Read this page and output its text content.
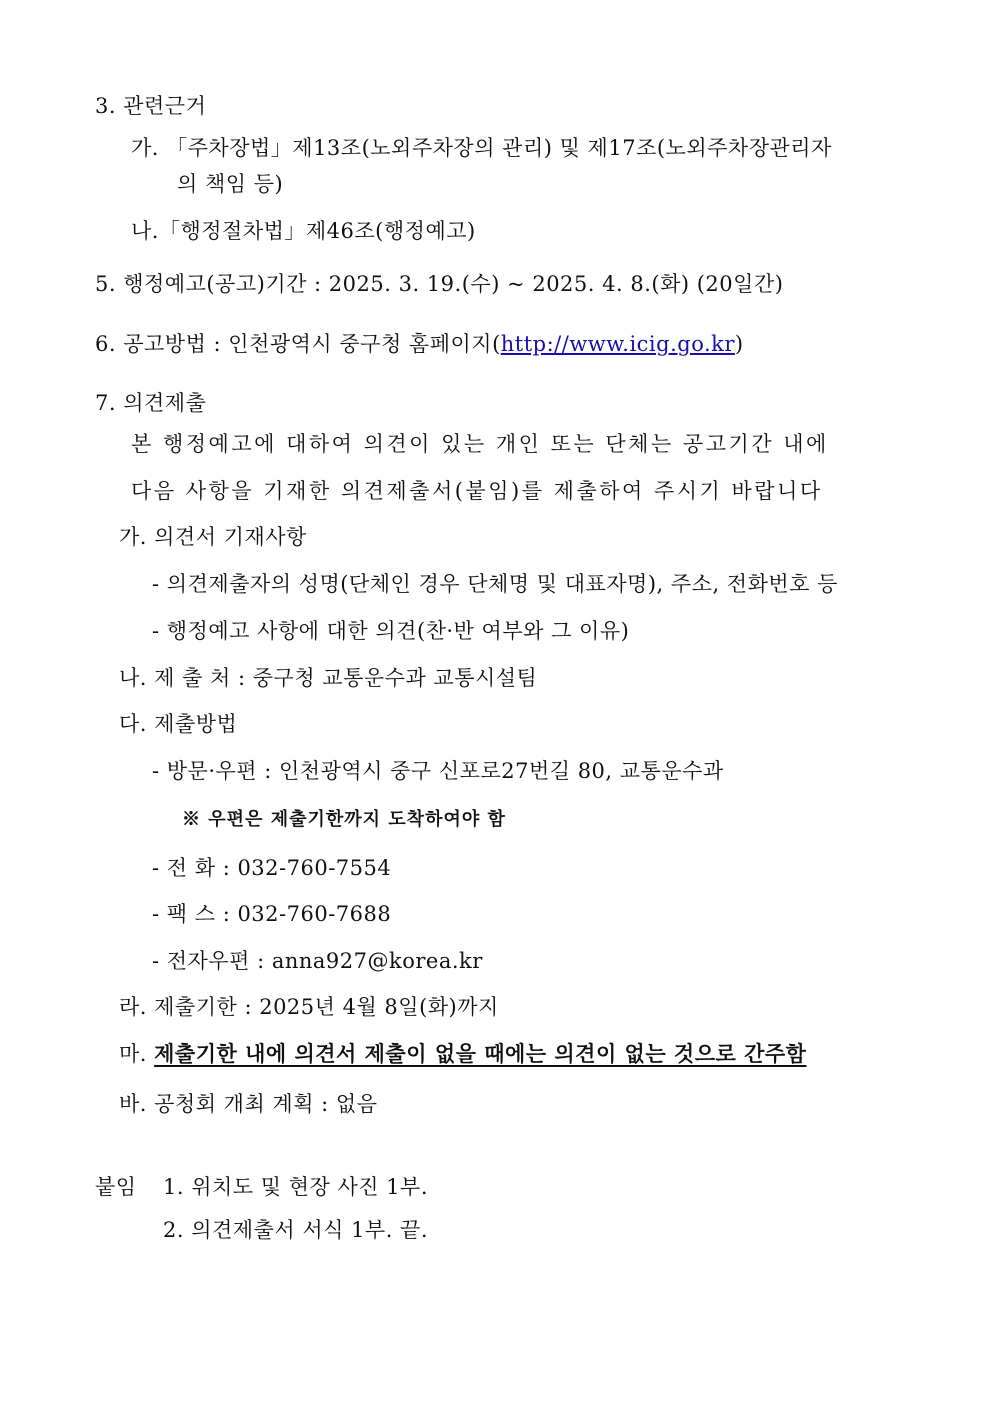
3. 관련근거
가. 「주차장법」제13조(노외주차장의 관리) 및 제17조(노외주차장관리자
의 책임 등)
나.「행정절차법」제46조(행정예고)
5. 행정예고(공고)기간 : 2025. 3. 19.(수) ~ 2025. 4. 8.(화) (20일간)
6. 공고방법 : 인천광역시 중구청 홈페이지(http://www.icig.go.kr)
7. 의견제출
본 행정예고에 대하여 의견이 있는 개인 또는 단체는 공고기간 내에
다음 사항을 기재한 의견제출서(붙임)를 제출하여 주시기 바랍니다
가. 의견서 기재사항
- 의견제출자의 성명(단체인 경우 단체명 및 대표자명), 주소, 전화번호 등
- 행정예고 사항에 대한 의견(찬·반 여부와 그 이유)
나. 제 출 처 : 중구청 교통운수과 교통시설팀
다. 제출방법
- 방문·우편 : 인천광역시 중구 신포로27번길 80, 교통운수과
※ 우편은 제출기한까지 도착하여야 함
- 전 화 : 032-760-7554
- 팩 스 : 032-760-7688
- 전자우편 : anna927@korea.kr
라. 제출기한 : 2025년 4월 8일(화)까지
마. 제출기한 내에 의견서 제출이 없을 때에는 의견이 없는 것으로 간주함
바. 공청회 개최 계획 : 없음
붙임 1. 위치도 및 현장 사진 1부.
2. 의견제출서 서식 1부. 끝.
